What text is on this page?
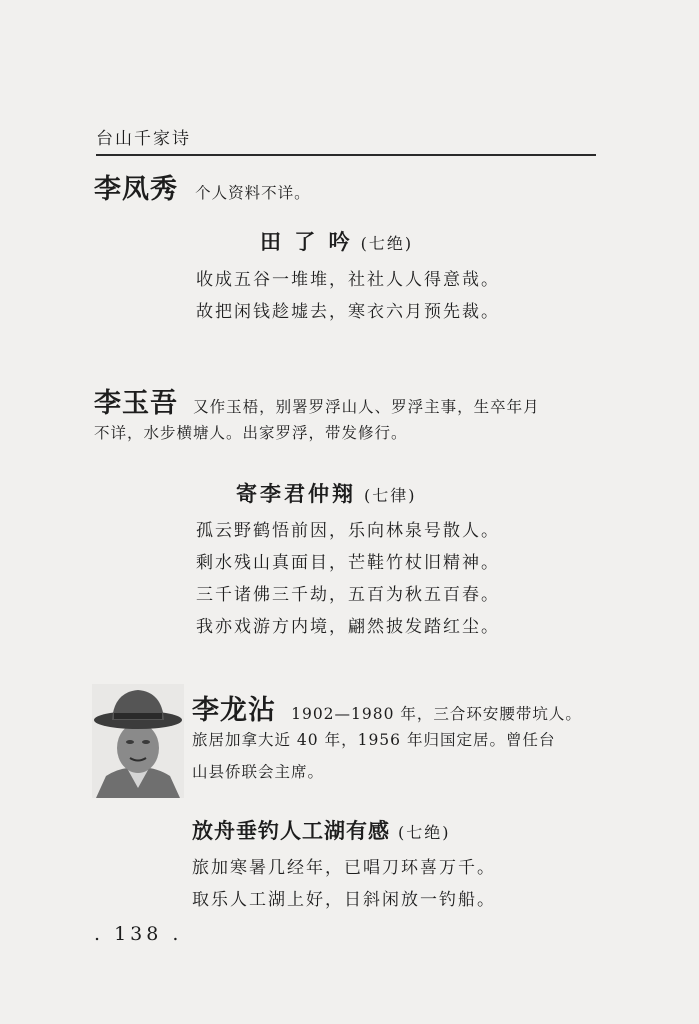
台山千家诗
李凤秀 个人资料不详。
田 了 吟 (七绝)
收成五谷一堆堆，社社人人得意哉。
故把闲钱趁墟去，寒衣六月预先裁。
李玉吾 又作玉梧，别署罗浮山人、罗浮主事，生卒年月
不详，水步横塘人。出家罗浮，带发修行。
寄李君仲翔 (七律)
孤云野鹤悟前因，乐向林泉号散人。
剩水残山真面目，芒鞋竹杖旧精神。
三千诸佛三千劫，五百为秋五百春。
我亦戏游方内境，翩然披发踏红尘。
李龙沾 1902—1980 年，三合环安腰带坑人。
旅居加拿大近 40 年，1956 年归国定居。曾任台
山县侨联会主席。
放舟垂钓人工湖有感 (七绝)
旅加寒暑几经年，已唱刀环喜万千。
取乐人工湖上好，日斜闲放一钓船。
. 138 .
